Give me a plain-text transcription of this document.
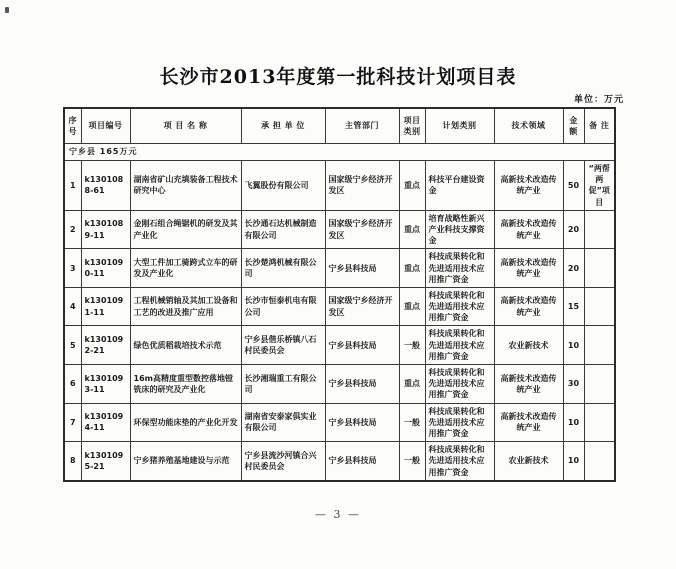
长沙市2013年度第一批科技计划项目表
单位：万元
序号	项目编号	项 目 名 称	承 担 单 位	主管部门	项目类别	计划类别	技术领域	金额	备 注
宁乡县 165万元									
1	k1301088-61	湖南省矿山充填装备工程技术研究中心	飞翼股份有限公司	国家级宁乡经济开发区	重点	科技平台建设资金	高新技术改造传统产业	50	“两帮两促”项目
2	k1301089-11	金刚石组合绳锯机的研发及其产业化	长沙通石达机械制造有限公司	国家级宁乡经济开发区	重点	培育战略性新兴产业科技支撑资金	高新技术改造传统产业	20	
3	k1301090-11	大型工件加工骑跨式立车的研发及产业化	长沙楚鸿机械有限公司	宁乡县科技局	重点	科技成果转化和先进适用技术应用推广资金	高新技术改造传统产业	20	
4	k1301091-11	工程机械销轴及其加工设备和工艺的改进及推广应用	长沙市恒泰机电有限公司	国家级宁乡经济开发区	重点	科技成果转化和先进适用技术应用推广资金	高新技术改造传统产业	15	
5	k1301092-21	绿色优质稻栽培技术示范	宁乡县偕乐桥镇八石村民委员会	宁乡县科技局	一般	科技成果转化和先进适用技术应用推广资金	农业新技术	10	
6	k1301093-11	16m高精度重型数控落地镗铣床的研究及产业化	长沙湘瑞重工有限公司	宁乡县科技局	重点	科技成果转化和先进适用技术应用推广资金	高新技术改造传统产业	30	
7	k1301094-11	环保型功能床垫的产业化开发	湖南省安泰家俱实业有限公司	宁乡县科技局	一般	科技成果转化和先进适用技术应用推广资金	高新技术改造传统产业	10	
8	k1301095-21	宁乡猪养殖基地建设与示范	宁乡县流沙河镇合兴村民委员会	宁乡县科技局	一般	科技成果转化和先进适用技术应用推广资金	农业新技术	10	
— 3 —
